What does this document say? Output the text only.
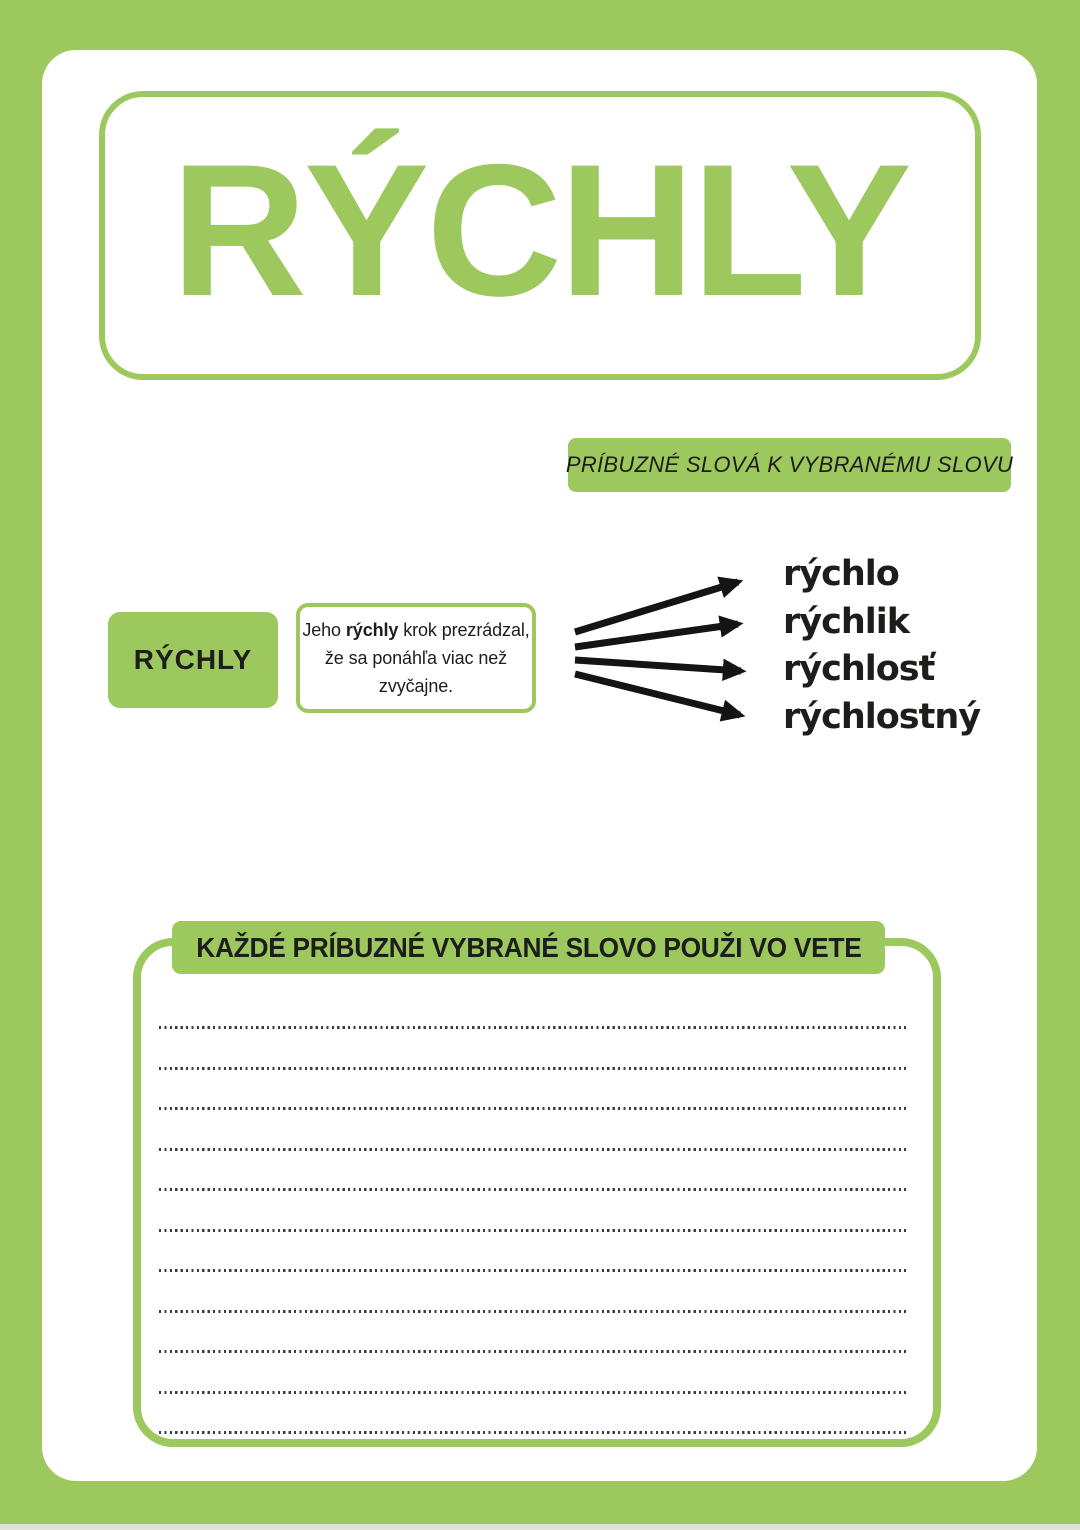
RÝCHLY
PRÍBUZNÉ SLOVÁ K VYBRANÉMU SLOVU
RÝCHLY
Jeho rýchly krok prezrádzal, že sa ponáhľa viac než zvyčajne.
rýchlo
rýchlik
rýchlosť
rýchlostný
KAŽDÉ PRÍBUZNÉ VYBRANÉ SLOVO POUŽI VO VETE
